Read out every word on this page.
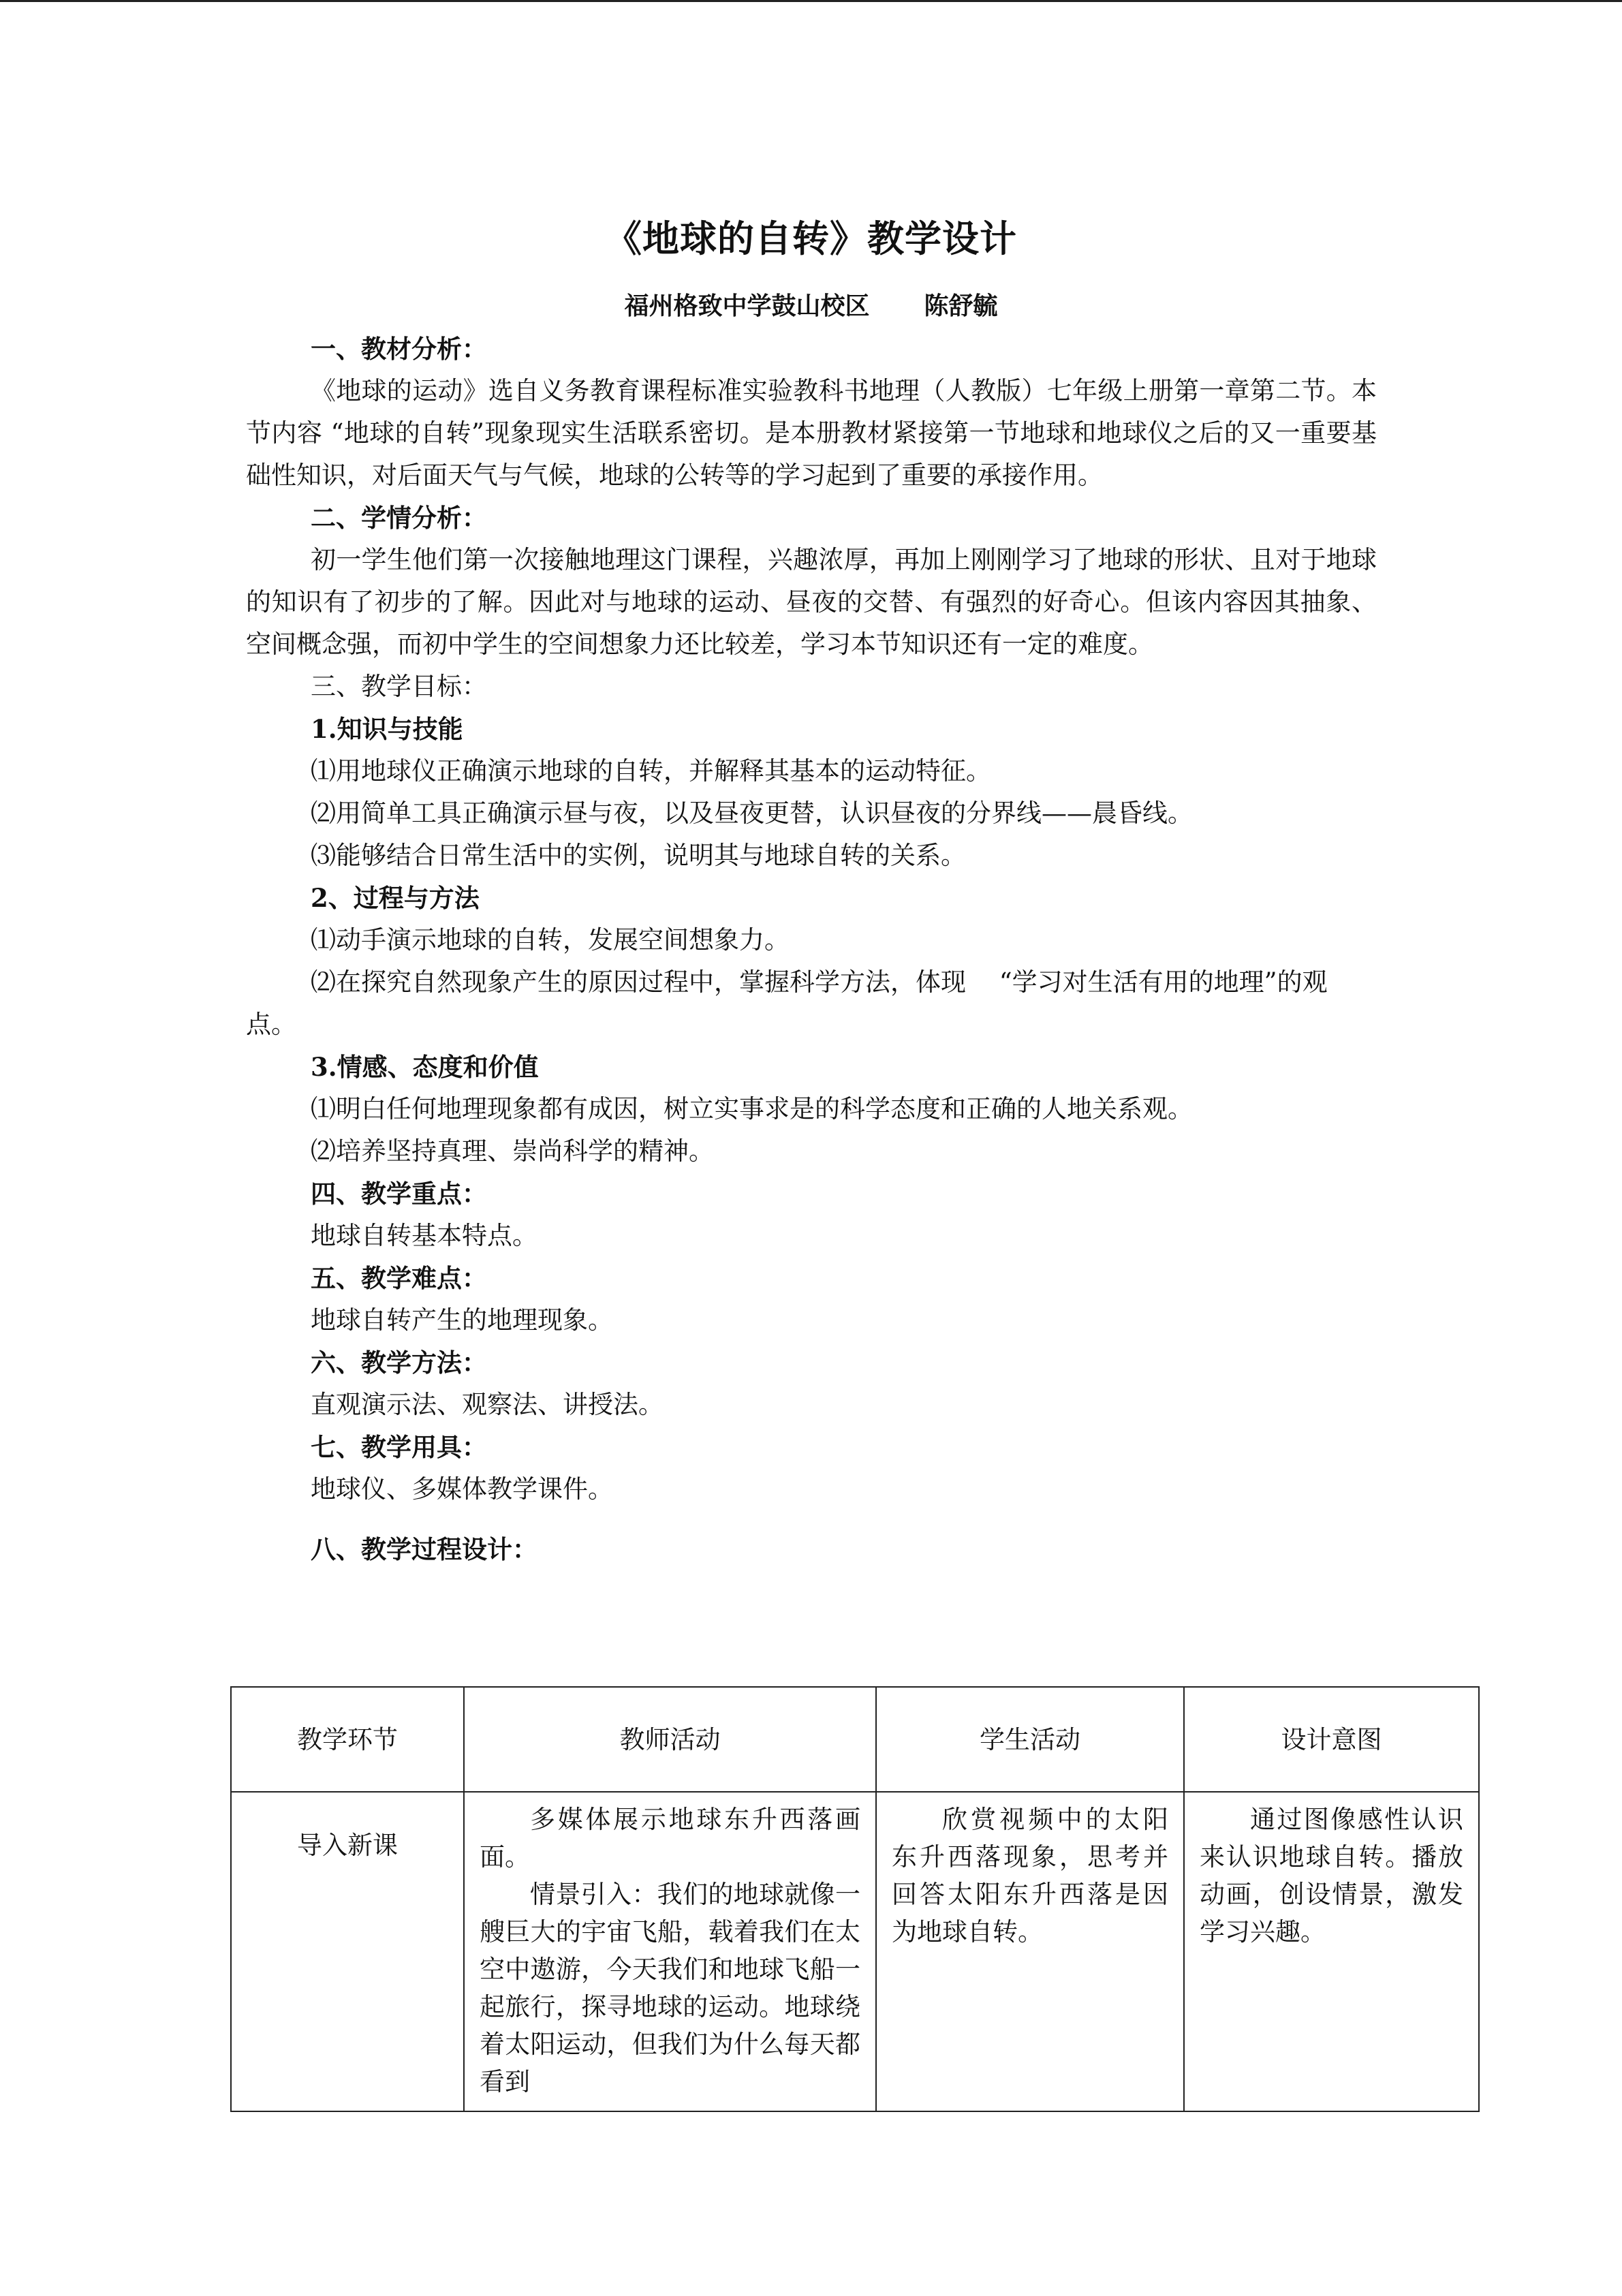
《地球的自转》教学设计
福州格致中学鼓山校区 陈舒毓

一、教材分析：

《地球的运动》选自义务教育课程标准实验教科书地理（人教版）七年级上册第一章第二节。本节内容 “地球的自转”现象现实生活联系密切。是本册教材紧接第一节地球和地球仪之后的又一重要基础性知识，对后面天气与气候，地球的公转等的学习起到了重要的承接作用。

二、学情分析：

初一学生他们第一次接触地理这门课程，兴趣浓厚，再加上刚刚学习了地球的形状、且对于地球的知识有了初步的了解。因此对与地球的运动、昼夜的交替、有强烈的好奇心。但该内容因其抽象、空间概念强，而初中学生的空间想象力还比较差，学习本节知识还有一定的难度。

三、教学目标：

1.知识与技能

⑴用地球仪正确演示地球的自转，并解释其基本的运动特征。

⑵用简单工具正确演示昼与夜，以及昼夜更替，认识昼夜的分界线——晨昏线。

⑶能够结合日常生活中的实例，说明其与地球自转的关系。

2、过程与方法

⑴动手演示地球的自转，发展空间想象力。

⑵在探究自然现象产生的原因过程中，掌握科学方法，体现　 “学习对生活有用的地理”的观点。

3.情感、态度和价值

⑴明白任何地理现象都有成因，树立实事求是的科学态度和正确的人地关系观。

⑵培养坚持真理、崇尚科学的精神。

四、教学重点：

地球自转基本特点。

五、教学难点：

地球自转产生的地理现象。

六、教学方法：

直观演示法、观察法、讲授法。

七、教学用具：

地球仪、多媒体教学课件。

八、教学过程设计：

教学环节	教师活动	学生活动	设计意图
导入新课	多媒体展示地球东升西落画面。

情景引入：我们的地球就像一艘巨大的宇宙飞船，载着我们在太空中遨游，今天我们和地球飞船一起旅行，探寻地球的运动。地球绕着太阳运动，但我们为什么每天都看到	欣赏视频中的太阳东升西落现象，思考并回答太阳东升西落是因为地球自转。	通过图像感性认识来认识地球自转。播放动画，创设情景，激发学习兴趣。
